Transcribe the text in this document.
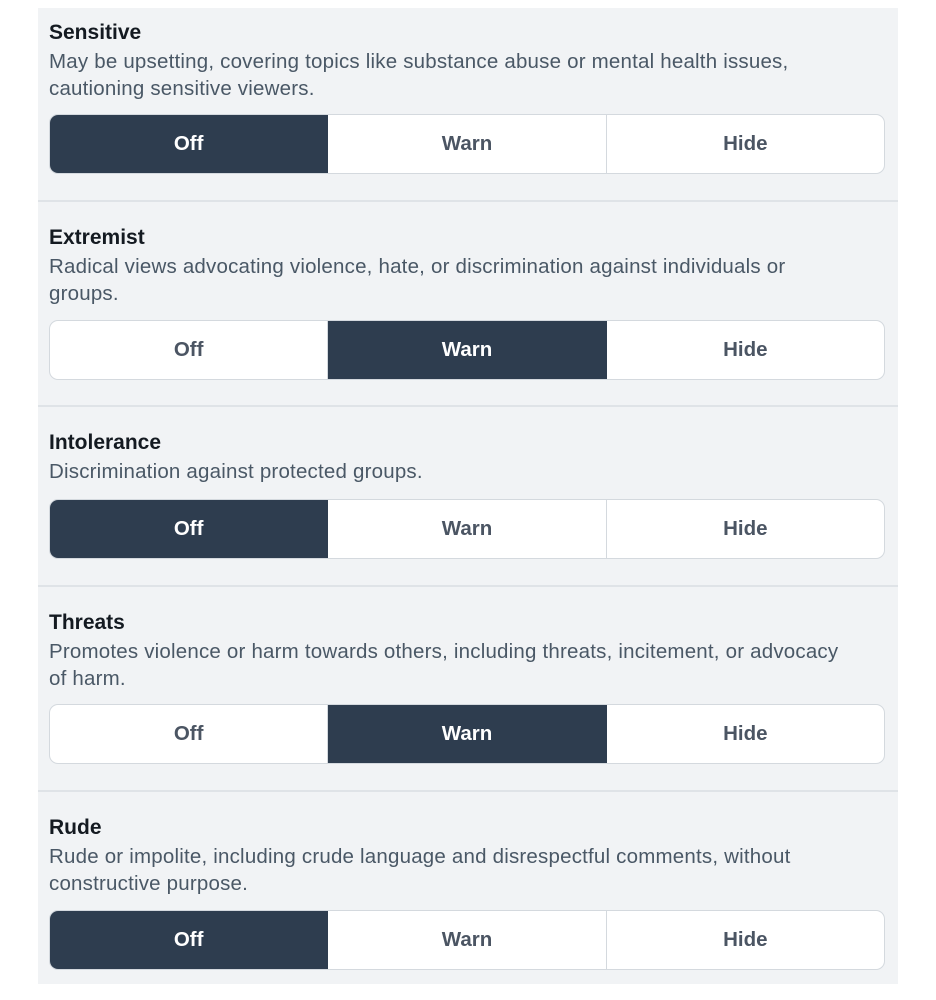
Sensitive
May be upsetting, covering topics like substance abuse or mental health issues,
cautioning sensitive viewers.
Off	Warn	Hide
Extremist
Radical views advocating violence, hate, or discrimination against individuals or
groups.
Off	Warn	Hide
Intolerance
Discrimination against protected groups.
Off	Warn	Hide
Threats
Promotes violence or harm towards others, including threats, incitement, or advocacy
of harm.
Off	Warn	Hide
Rude
Rude or impolite, including crude language and disrespectful comments, without
constructive purpose.
Off	Warn	Hide
